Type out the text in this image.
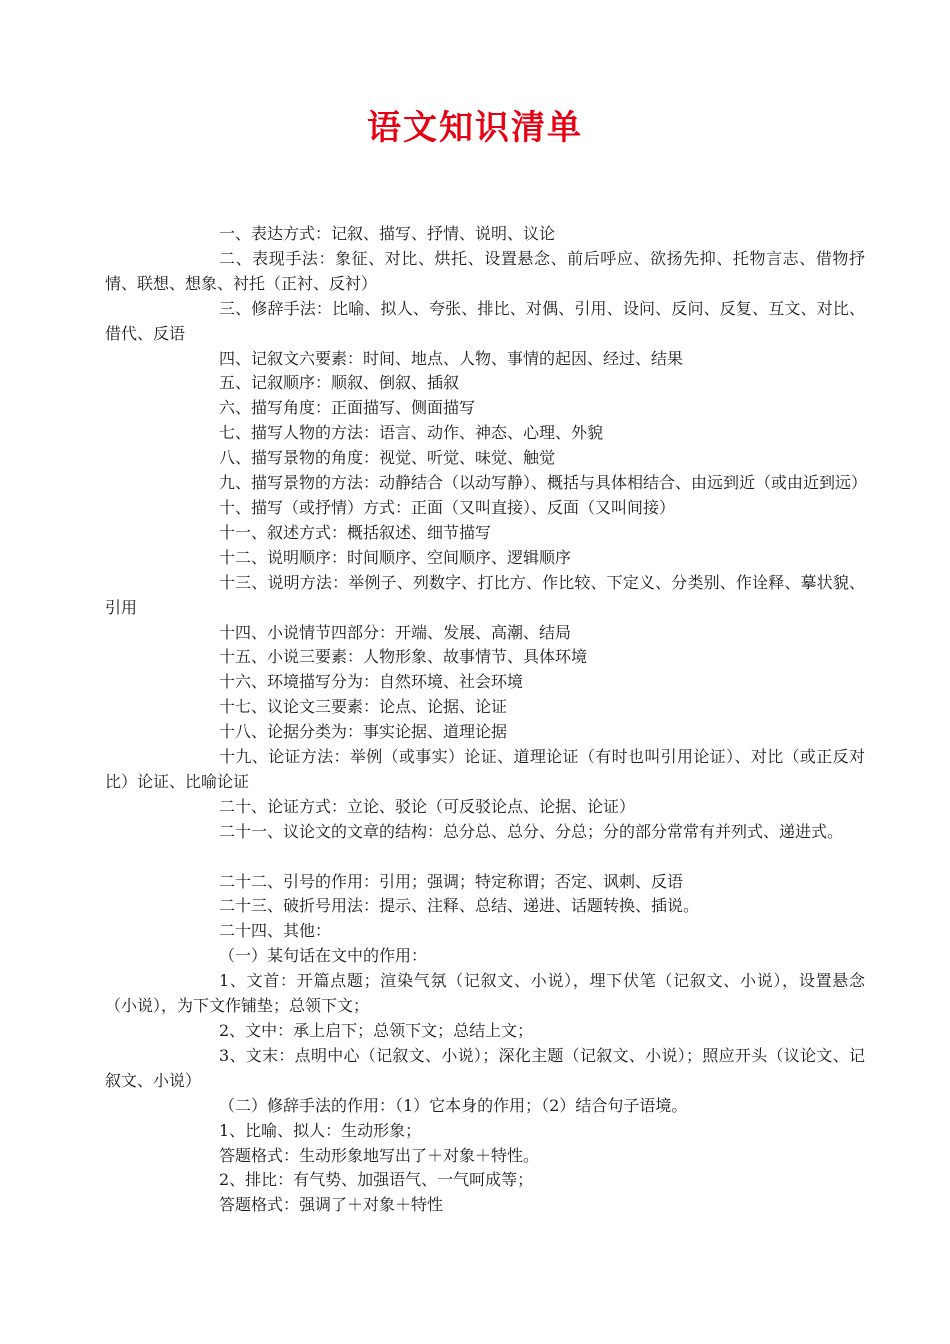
语文知识清单

一、表达方式：记叙、描写、抒情、说明、议论

二、表现手法：象征、对比、烘托、设置悬念、前后呼应、欲扬先抑、托物言志、借物抒情、联想、想象、衬托（正衬、反衬）

三、修辞手法：比喻、拟人、夸张、排比、对偶、引用、设问、反问、反复、互文、对比、借代、反语

四、记叙文六要素：时间、地点、人物、事情的起因、经过、结果

五、记叙顺序：顺叙、倒叙、插叙

六、描写角度：正面描写、侧面描写

七、描写人物的方法：语言、动作、神态、心理、外貌

八、描写景物的角度：视觉、听觉、味觉、触觉

九、描写景物的方法：动静结合（以动写静）、概括与具体相结合、由远到近（或由近到远）

十、描写（或抒情）方式：正面（又叫直接）、反面（又叫间接）

十一、叙述方式：概括叙述、细节描写

十二、说明顺序：时间顺序、空间顺序、逻辑顺序

十三、说明方法：举例子、列数字、打比方、作比较、下定义、分类别、作诠释、摹状貌、引用

十四、小说情节四部分：开端、发展、高潮、结局

十五、小说三要素：人物形象、故事情节、具体环境

十六、环境描写分为：自然环境、社会环境

十七、议论文三要素：论点、论据、论证

十八、论据分类为：事实论据、道理论据

十九、论证方法：举例（或事实）论证、道理论证（有时也叫引用论证）、对比（或正反对比）论证、比喻论证

二十、论证方式：立论、驳论（可反驳论点、论据、论证）

二十一、议论文的文章的结构：总分总、总分、分总；分的部分常常有并列式、递进式。

二十二、引号的作用：引用；强调；特定称谓；否定、讽刺、反语

二十三、破折号用法：提示、注释、总结、递进、话题转换、插说。

二十四、其他：

（一）某句话在文中的作用：

1、文首：开篇点题；渲染气氛（记叙文、小说），埋下伏笔（记叙文、小说），设置悬念（小说），为下文作铺垫；总领下文；

2、文中：承上启下；总领下文；总结上文；

3、文末：点明中心（记叙文、小说）；深化主题（记叙文、小说）；照应开头（议论文、记叙文、小说）

（二）修辞手法的作用：（1）它本身的作用；（2）结合句子语境。

1、比喻、拟人：生动形象；

答题格式：生动形象地写出了＋对象＋特性。

2、排比：有气势、加强语气、一气呵成等；

答题格式：强调了＋对象＋特性
